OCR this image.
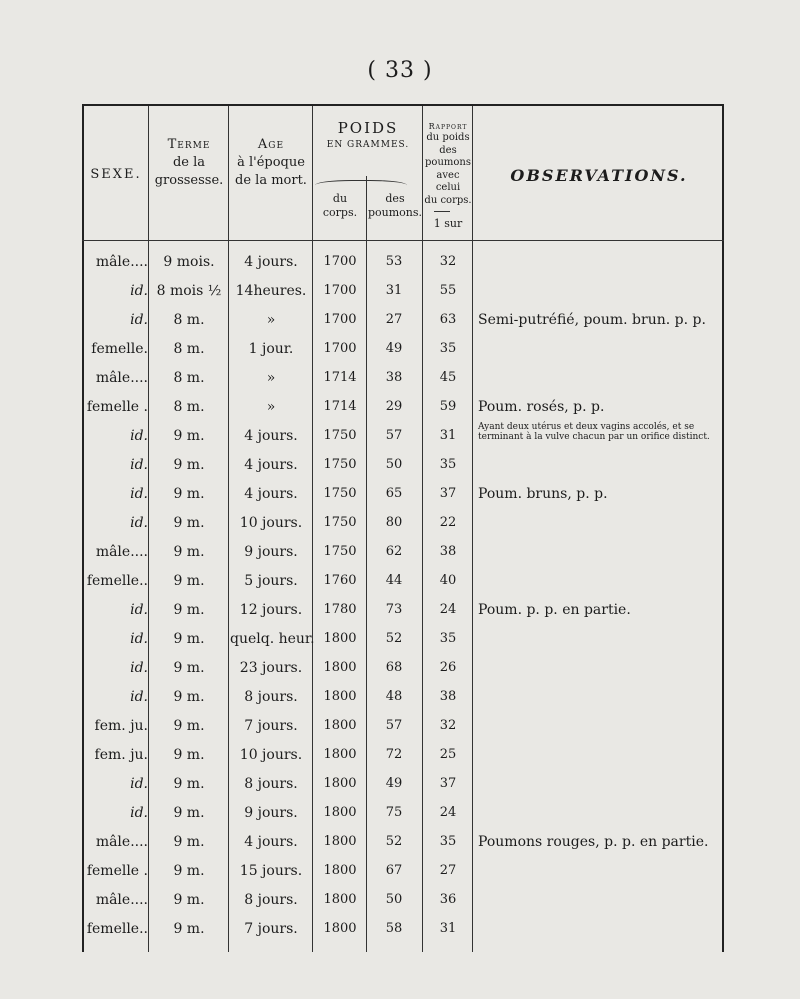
( 33 )
SEXE.
Terme
de la
grossesse.
Age
à l'époque
de la mort.
POIDS
EN GRAMMES.
du
corps.
des
poumons.
Rapport
du poids
des
poumons
avec celui
du corps.
1 sur
OBSERVATIONS.
mâle....	9 mois.	4 jours.	1700	53	32
id. 8 mois ½	14heures.	1700	31	55
id.	8 m.	»	1700	27	63	Semi-putréfié, poum. brun. p. p.
femelle.	8 m.	1 jour.	1700	49	35
mâle....	8 m.	»	1714	38	45
femelle .	8 m.	»	1714	29	59	Poum. rosés, p. p.
id.	9 m.	4 jours.	1750	57	31
Ayant deux utérus et deux vagins accolés, et se terminant à la vulve chacun par un orifice distinct.
id.	9 m.	4 jours.	1750	50	35
id.	9 m.	4 jours.	1750	65	37	Poum. bruns, p. p.
id.	9 m.	10 jours.	1750	80	22
mâle....	9 m.	9 jours.	1750	62	38
femelle..	9 m.	5 jours.	1760	44	40
id.	9 m.	12 jours.	1780	73	24	Poum. p. p. en partie.
id.	9 m.	quelq. heur. 1800	52	35
id.	9 m.	23 jours.	1800	68	26
id.	9 m.	8 jours.	1800	48	38
fem. ju.	9 m.	7 jours.	1800	57	32
fem. ju.	9 m.	10 jours.	1800	72	25
id.	9 m.	8 jours.	1800	49	37
id.	9 m.	9 jours.	1800	75	24
mâle....	9 m.	4 jours.	1800	52	35	Poumons rouges, p. p. en partie.
femelle .	9 m.	15 jours.	1800	67	27
mâle....	9 m.	8 jours.	1800	50	36
femelle..	9 m.	7 jours.	1800	58	31
